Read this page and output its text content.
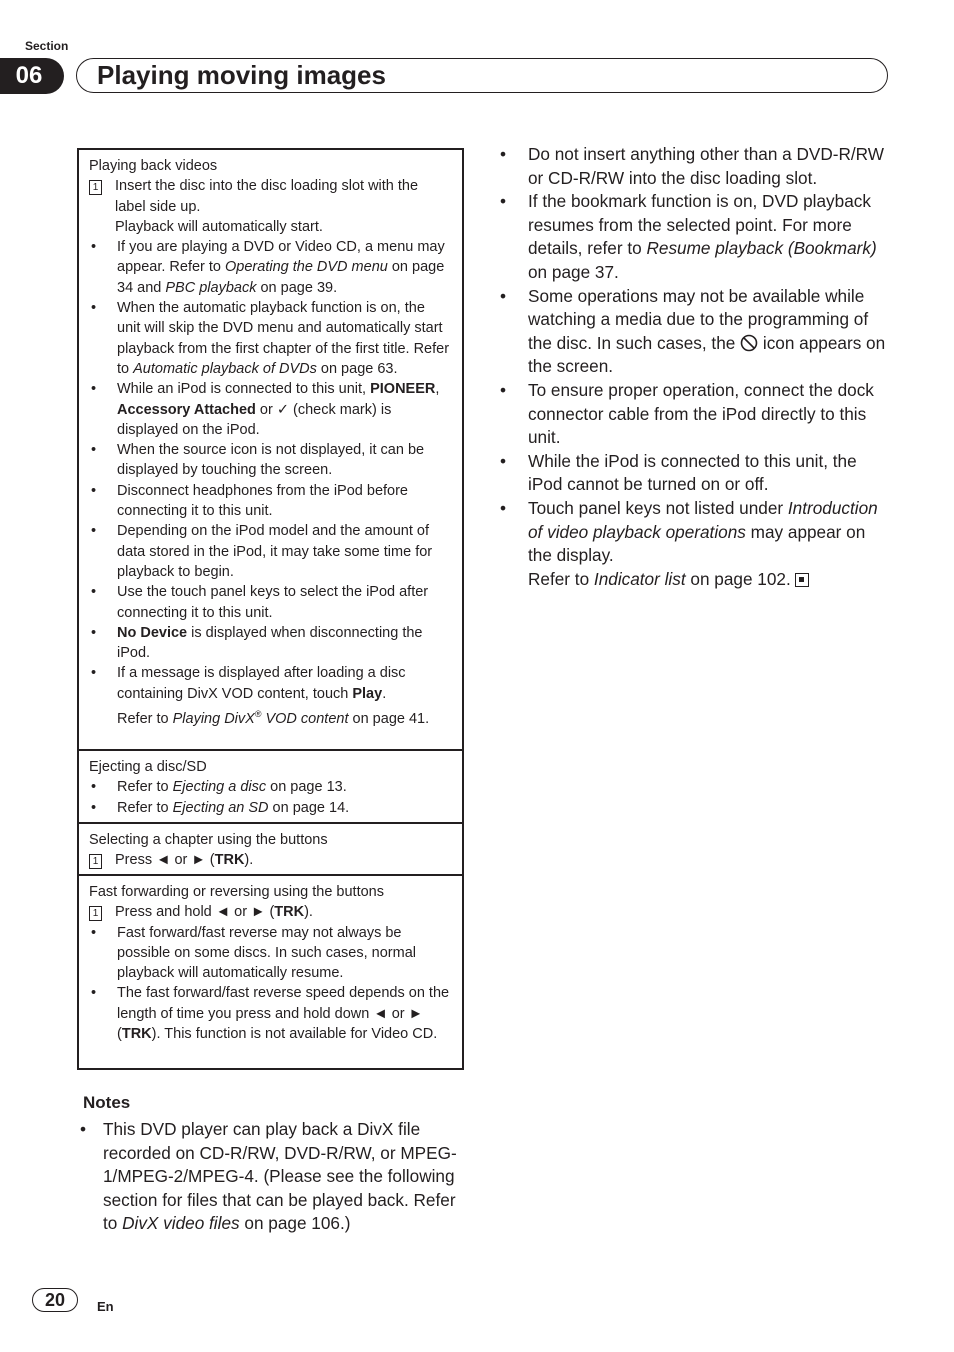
Section
06	Playing moving images
Playing back videos
1	Insert the disc into the disc loading slot with the label side up.
Playback will automatically start.
•	If you are playing a DVD or Video CD, a menu may appear. Refer to Operating the DVD menu on page 34 and PBC playback on page 39.
•	When the automatic playback function is on, the unit will skip the DVD menu and automatically start playback from the first chapter of the first title. Refer to Automatic playback of DVDs on page 63.
•	While an iPod is connected to this unit, PIONEER, Accessory Attached or ✓ (check mark) is displayed on the iPod.
•	When the source icon is not displayed, it can be displayed by touching the screen.
•	Disconnect headphones from the iPod before connecting it to this unit.
•	Depending on the iPod model and the amount of data stored in the iPod, it may take some time for playback to begin.
•	Use the touch panel keys to select the iPod after connecting it to this unit.
•	No Device is displayed when disconnecting the iPod.
•	If a message is displayed after loading a disc containing DivX VOD content, touch Play.
Refer to Playing DivX® VOD content on page 41.
Ejecting a disc/SD
•	Refer to Ejecting a disc on page 13.
•	Refer to Ejecting an SD on page 14.
Selecting a chapter using the buttons
1	Press ◄ or ► (TRK).
Fast forwarding or reversing using the buttons
1	Press and hold ◄ or ► (TRK).
•	Fast forward/fast reverse may not always be possible on some discs. In such cases, normal playback will automatically resume.
•	The fast forward/fast reverse speed depends on the length of time you press and hold down ◄ or ► (TRK). This function is not available for Video CD.
Notes
• This DVD player can play back a DivX file recorded on CD-R/RW, DVD-R/RW, or MPEG-1/MPEG-2/MPEG-4. (Please see the following section for files that can be played back. Refer to DivX video files on page 106.)
•	Do not insert anything other than a DVD-R/RW or CD-R/RW into the disc loading slot.
•	If the bookmark function is on, DVD playback resumes from the selected point. For more details, refer to Resume playback (Bookmark) on page 37.
•	Some operations may not be available while watching a media due to the programming of the disc. In such cases, the  icon appears on the screen.
•	To ensure proper operation, connect the dock connector cable from the iPod directly to this unit.
•	While the iPod is connected to this unit, the iPod cannot be turned on or off.
•	Touch panel keys not listed under Introduction of video playback operations may appear on the display.
Refer to Indicator list on page 102.
20	En
